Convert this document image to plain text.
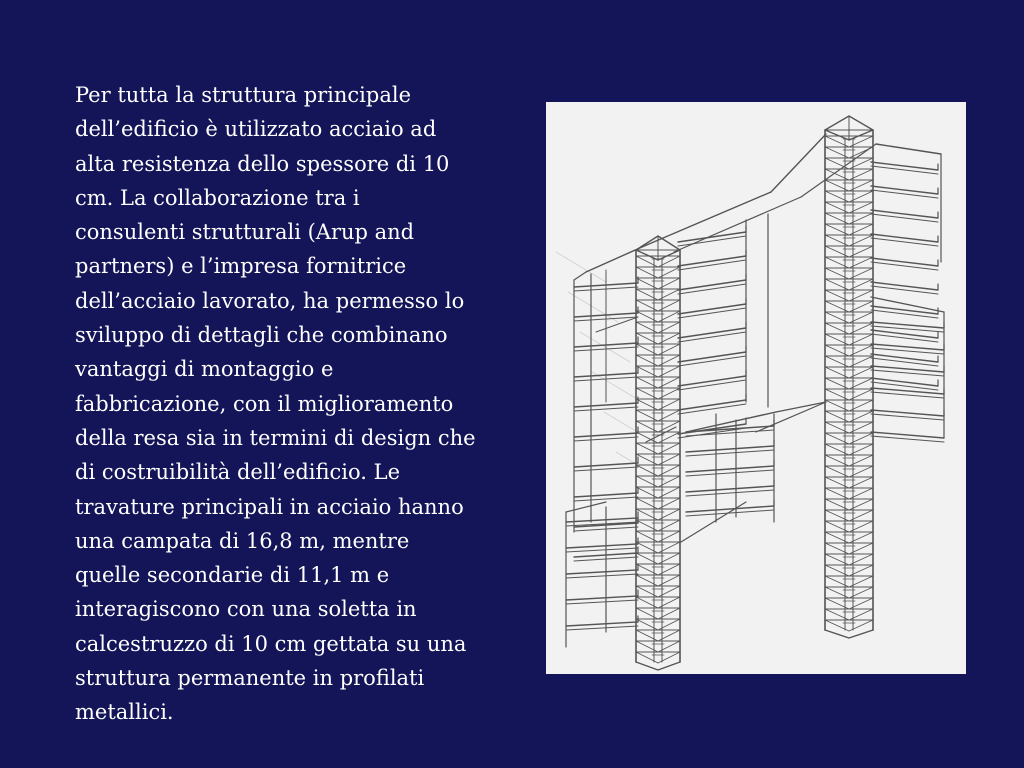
Per tutta la struttura principale
dell’edificio è utilizzato acciaio ad
alta resistenza dello spessore di 10
cm. La collaborazione tra i
consulenti strutturali (Arup and
partners) e l’impresa fornitrice
dell’acciaio lavorato, ha permesso lo
sviluppo di dettagli che combinano
vantaggi di montaggio e
fabbricazione, con il miglioramento
della resa sia in termini di design che
di costruibilità dell’edificio. Le
travature principali in acciaio hanno
una campata di 16,8 m, mentre
quelle secondarie di 11,1 m e
interagiscono con una soletta in
calcestruzzo di 10 cm gettata su una
struttura permanente in profilati
metallici.
